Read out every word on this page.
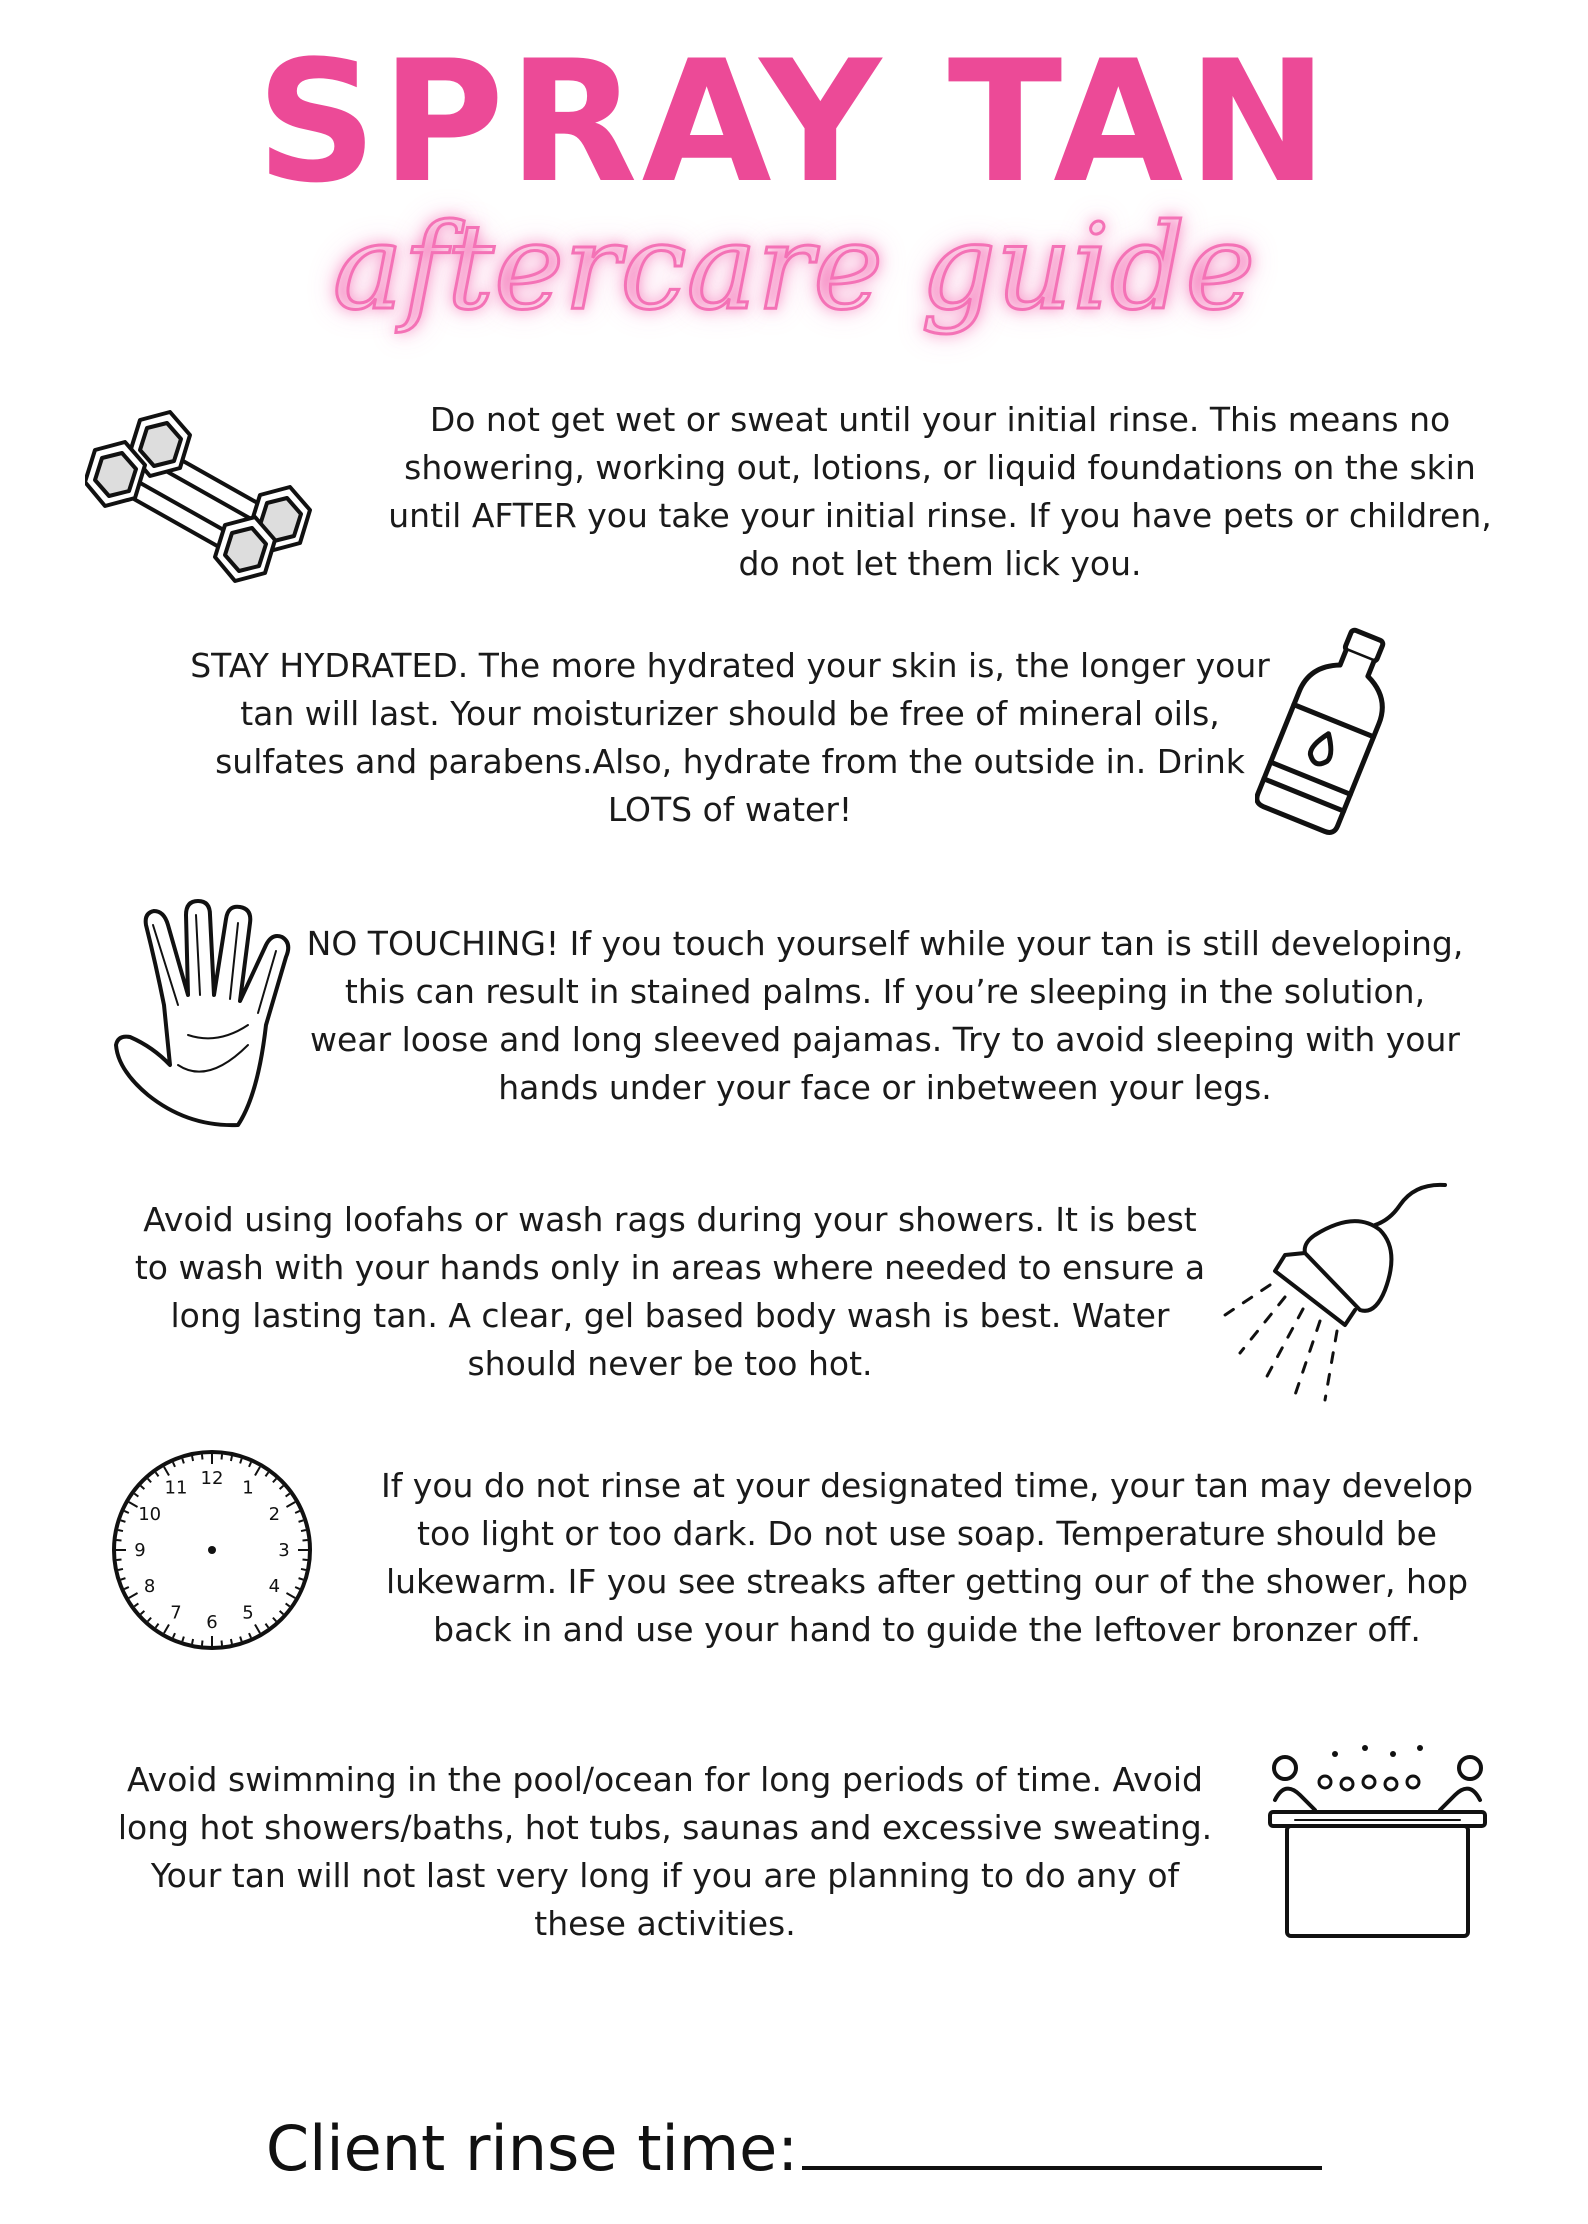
SPRAY TAN
aftercare guide
Do not get wet or sweat until your initial rinse. This means no showering, working out, lotions, or liquid foundations on the skin until AFTER you take your initial rinse. If you have pets or children, do not let them lick you.
STAY HYDRATED. The more hydrated your skin is, the longer your tan will last. Your moisturizer should be free of mineral oils, sulfates and parabens.Also, hydrate from the outside in. Drink LOTS of water!
NO TOUCHING! If you touch yourself while your tan is still developing, this can result in stained palms. If you’re sleeping in the solution, wear loose and long sleeved pajamas. Try to avoid sleeping with your hands under your face or inbetween your legs.
Avoid using loofahs or wash rags during your showers. It is best to wash with your hands only in areas where needed to ensure a long lasting tan. A clear, gel based body wash is best. Water should never be too hot.
12 1
2
3
4
5
6
7
8
9
10
11	If you do not rinse at your designated time, your tan may develop too light or too dark. Do not use soap. Temperature should be lukewarm. IF you see streaks after getting our of the shower, hop back in and use your hand to guide the leftover bronzer off.
Avoid swimming in the pool/ocean for long periods of time. Avoid long hot showers/baths, hot tubs, saunas and excessive sweating. Your tan will not last very long if you are planning to do any of these activities.
Client rinse time:
